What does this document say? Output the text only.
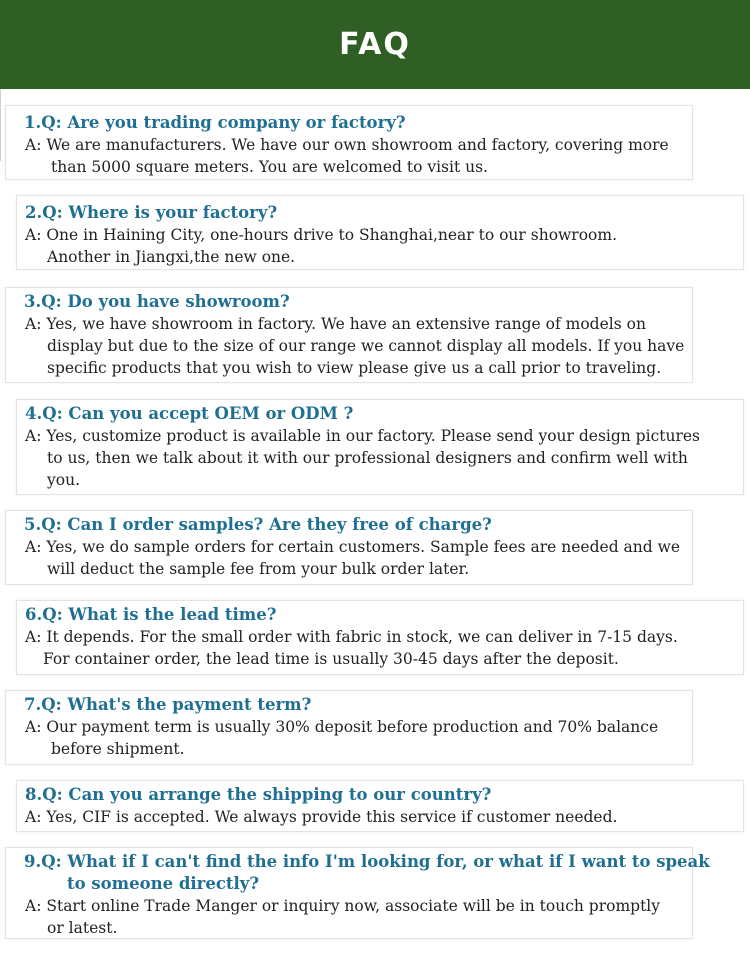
FAQ
1.Q: Are you trading company or factory?
A: We are manufacturers. We have our own showroom and factory, covering more
than 5000 square meters. You are welcomed to visit us.
2.Q: Where is your factory?
A: One in Haining City, one-hours drive to Shanghai,near to our showroom.
Another in Jiangxi,the new one.
3.Q: Do you have showroom?
A: Yes, we have showroom in factory. We have an extensive range of models on
display but due to the size of our range we cannot display all models. If you have
specific products that you wish to view please give us a call prior to traveling.
4.Q: Can you accept OEM or ODM ?
A: Yes, customize product is available in our factory. Please send your design pictures
to us, then we talk about it with our professional designers and confirm well with
you.
5.Q: Can I order samples? Are they free of charge?
A: Yes, we do sample orders for certain customers. Sample fees are needed and we
will deduct the sample fee from your bulk order later.
6.Q: What is the lead time?
A: It depends. For the small order with fabric in stock, we can deliver in 7-15 days.
For container order, the lead time is usually 30-45 days after the deposit.
7.Q: What's the payment term?
A: Our payment term is usually 30% deposit before production and 70% balance
before shipment.
8.Q: Can you arrange the shipping to our country?
A: Yes, CIF is accepted. We always provide this service if customer needed.
9.Q: What if I can't find the info I'm looking for, or what if I want to speak
to someone directly?
A: Start online Trade Manger or inquiry now, associate will be in touch promptly
or latest.
